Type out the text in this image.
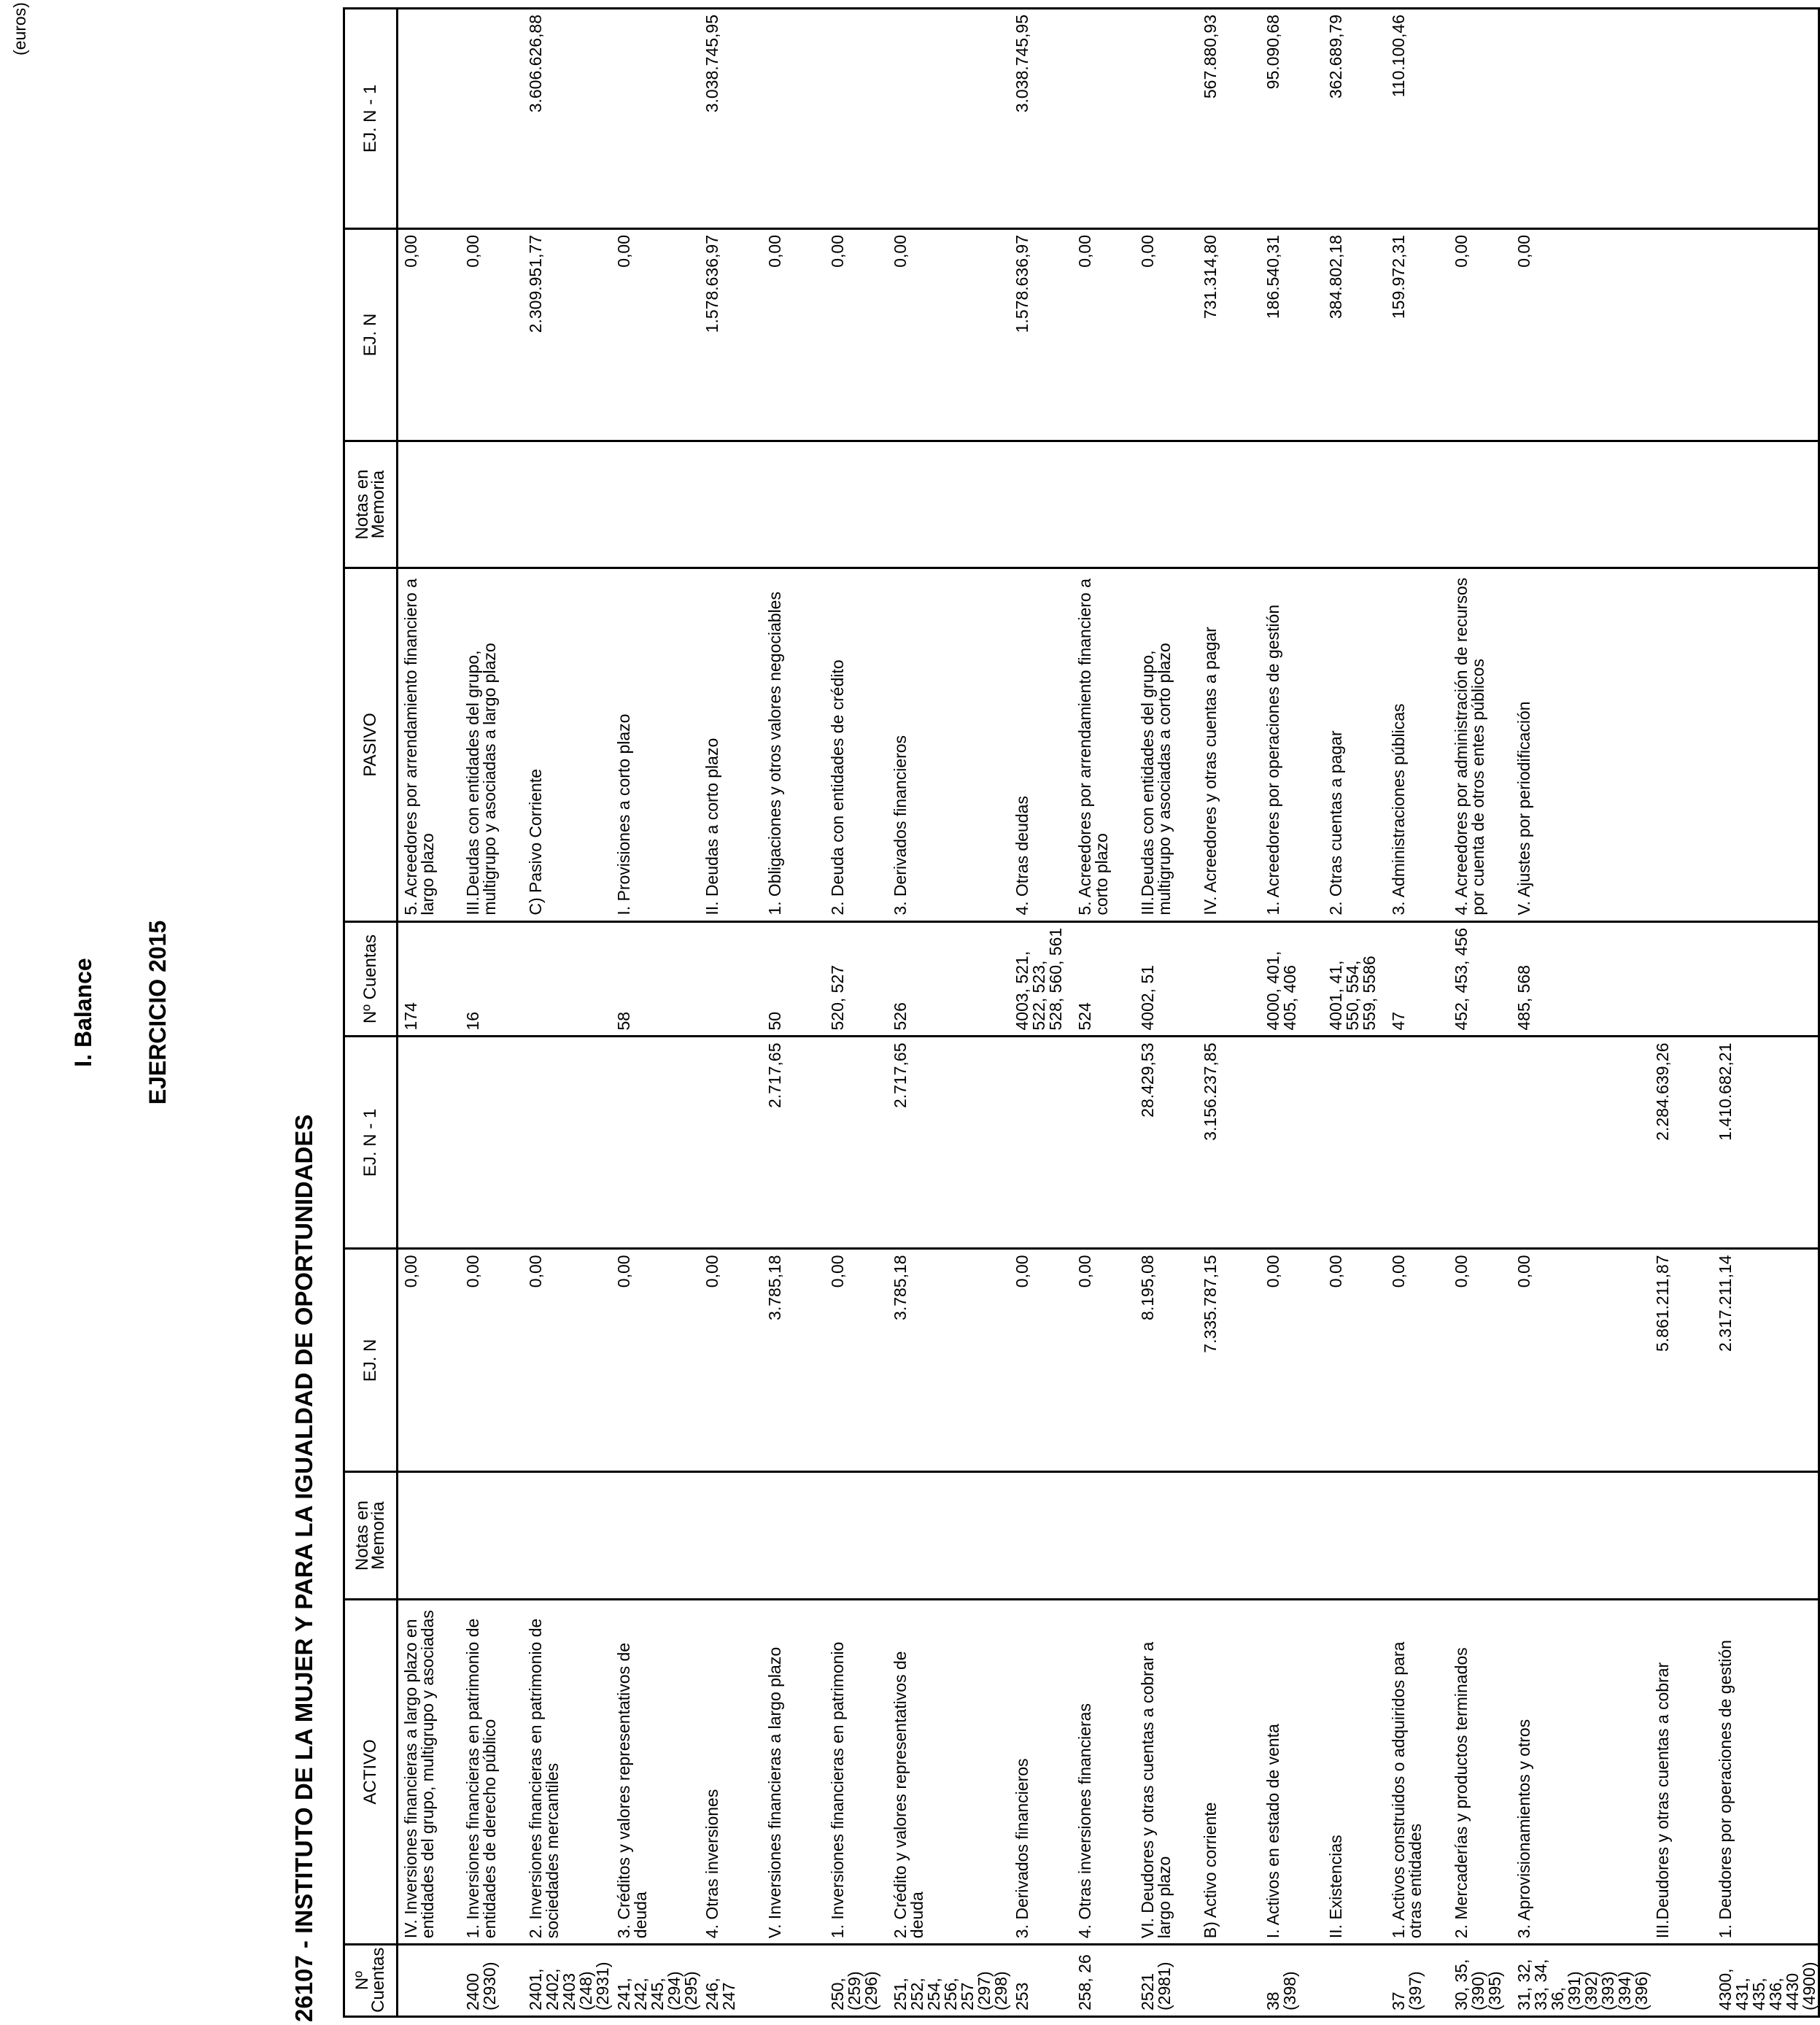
I. Balance EJERCICIO 2015
26107 - INSTITUTO DE LA MUJER Y PARA LA IGUALDAD DE OPORTUNIDADES
(euros)
Nº Cuentas	ACTIVO	Notas en Memoria	EJ. N	EJ. N - 1	Nº Cuentas	PASIVO	Notas en Memoria	EJ. N	EJ. N - 1
	IV. Inversiones financieras a largo plazo en entidades del grupo, multigrupo y asociadas		0,00		174	5. Acreedores por arrendamiento financiero a largo plazo		0,00	
2400 (2930)	1. Inversiones financieras en patrimonio de entidades de derecho público		0,00		16	III.Deudas con entidades del grupo, multigrupo y asociadas a largo plazo		0,00	
2401, 2402, 2403 (248) (2931)	2. Inversiones financieras en patrimonio de sociedades mercantiles		0,00			C) Pasivo Corriente		2.309.951,77	3.606.626,88
241, 242, 245, (294) (295)	3. Créditos y valores representativos de deuda		0,00		58	I. Provisiones a corto plazo		0,00	
246, 247	4. Otras inversiones		0,00			II. Deudas a corto plazo		1.578.636,97	3.038.745,95
	V. Inversiones financieras a largo plazo		3.785,18	2.717,65	50	1. Obligaciones y otros valores negociables		0,00	
250, (259) (296)	1. Inversiones financieras en patrimonio		0,00		520, 527	2. Deuda con entidades de crédito		0,00	
251, 252, 254, 256, 257 (297) (298)	2. Crédito y valores representativos de deuda		3.785,18	2.717,65	526	3. Derivados financieros		0,00	
253	3. Derivados financieros		0,00		4003, 521, 522, 523, 528, 560, 561	4. Otras deudas		1.578.636,97	3.038.745,95
258, 26	4. Otras inversiones financieras		0,00		524	5. Acreedores por arrendamiento financiero a corto plazo		0,00	
2521 (2981)	VI. Deudores y otras cuentas a cobrar a largo plazo		8.195,08	28.429,53	4002, 51	III.Deudas con entidades del grupo, multigrupo y asociadas a corto plazo		0,00	
	B) Activo corriente		7.335.787,15	3.156.237,85		IV. Acreedores y otras cuentas a pagar		731.314,80	567.880,93
38 (398)	I. Activos en estado de venta		0,00		4000, 401, 405, 406	1. Acreedores por operaciones de gestión		186.540,31	95.090,68
	II. Existencias		0,00		4001, 41, 550, 554, 559, 5586	2. Otras cuentas a pagar		384.802,18	362.689,79
37 (397)	1. Activos construidos o adquiridos para otras entidades		0,00		47	3. Administraciones públicas		159.972,31	110.100,46
30, 35, (390) (395)	2. Mercaderías y productos terminados		0,00		452, 453, 456	4. Acreedores por administración de recursos por cuenta de otros entes públicos		0,00	
31, 32, 33, 34, 36, (391) (392) (393) (394) (396)	3. Aprovisionamientos y otros		0,00		485, 568	V. Ajustes por periodificación		0,00	
	III.Deudores y otras cuentas a cobrar		5.861.211,87	2.284.639,26					
4300, 431, 435, 436, 4430 (4900)	1. Deudores por operaciones de gestión		2.317.211,14	1.410.682,21					
